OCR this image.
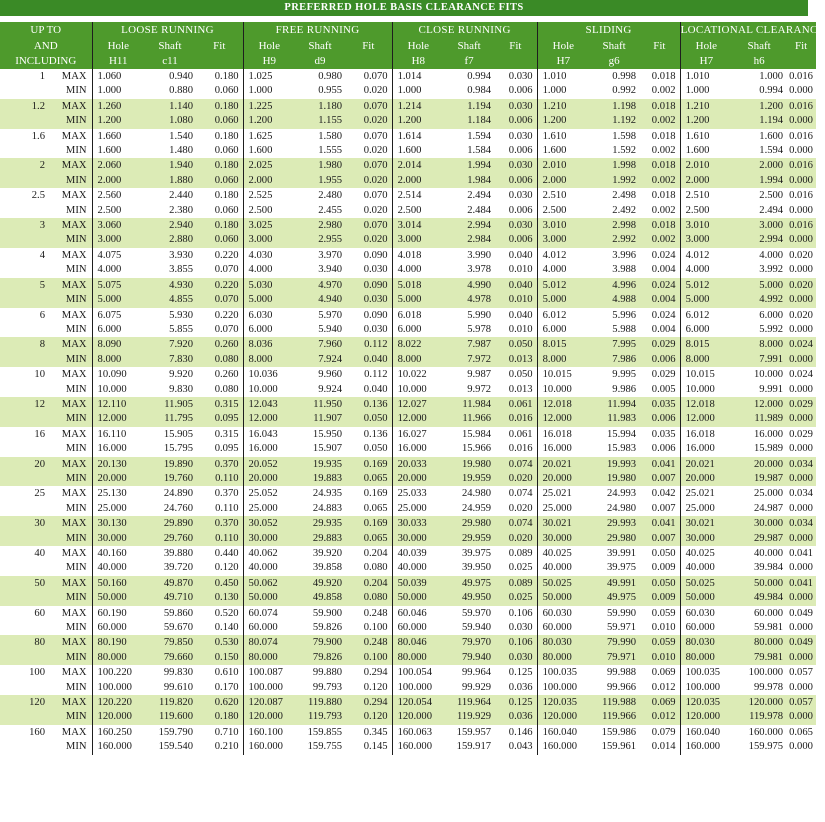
PREFERRED HOLE BASIS CLEARANCE FITS
UP TO		LOOSE RUNNING			FREE RUNNING			CLOSE RUNNING			SLIDING			LOCATIONAL CLEARANCE		
AND		Hole	Shaft	Fit	Hole	Shaft	Fit	Hole	Shaft	Fit	Hole	Shaft	Fit	Hole	Shaft	Fit
INCLUDING		H11	c11		H9	d9		H8	f7		H7	g6		H7	h6	
1	MAX	1.060	0.940	0.180	1.025	0.980	0.070	1.014	0.994	0.030	1.010	0.998	0.018	1.010	1.000	0.016
	MIN	1.000	0.880	0.060	1.000	0.955	0.020	1.000	0.984	0.006	1.000	0.992	0.002	1.000	0.994	0.000
1.2	MAX	1.260	1.140	0.180	1.225	1.180	0.070	1.214	1.194	0.030	1.210	1.198	0.018	1.210	1.200	0.016
	MIN	1.200	1.080	0.060	1.200	1.155	0.020	1.200	1.184	0.006	1.200	1.192	0.002	1.200	1.194	0.000
1.6	MAX	1.660	1.540	0.180	1.625	1.580	0.070	1.614	1.594	0.030	1.610	1.598	0.018	1.610	1.600	0.016
	MIN	1.600	1.480	0.060	1.600	1.555	0.020	1.600	1.584	0.006	1.600	1.592	0.002	1.600	1.594	0.000
2	MAX	2.060	1.940	0.180	2.025	1.980	0.070	2.014	1.994	0.030	2.010	1.998	0.018	2.010	2.000	0.016
	MIN	2.000	1.880	0.060	2.000	1.955	0.020	2.000	1.984	0.006	2.000	1.992	0.002	2.000	1.994	0.000
2.5	MAX	2.560	2.440	0.180	2.525	2.480	0.070	2.514	2.494	0.030	2.510	2.498	0.018	2.510	2.500	0.016
	MIN	2.500	2.380	0.060	2.500	2.455	0.020	2.500	2.484	0.006	2.500	2.492	0.002	2.500	2.494	0.000
3	MAX	3.060	2.940	0.180	3.025	2.980	0.070	3.014	2.994	0.030	3.010	2.998	0.018	3.010	3.000	0.016
	MIN	3.000	2.880	0.060	3.000	2.955	0.020	3.000	2.984	0.006	3.000	2.992	0.002	3.000	2.994	0.000
4	MAX	4.075	3.930	0.220	4.030	3.970	0.090	4.018	3.990	0.040	4.012	3.996	0.024	4.012	4.000	0.020
	MIN	4.000	3.855	0.070	4.000	3.940	0.030	4.000	3.978	0.010	4.000	3.988	0.004	4.000	3.992	0.000
5	MAX	5.075	4.930	0.220	5.030	4.970	0.090	5.018	4.990	0.040	5.012	4.996	0.024	5.012	5.000	0.020
	MIN	5.000	4.855	0.070	5.000	4.940	0.030	5.000	4.978	0.010	5.000	4.988	0.004	5.000	4.992	0.000
6	MAX	6.075	5.930	0.220	6.030	5.970	0.090	6.018	5.990	0.040	6.012	5.996	0.024	6.012	6.000	0.020
	MIN	6.000	5.855	0.070	6.000	5.940	0.030	6.000	5.978	0.010	6.000	5.988	0.004	6.000	5.992	0.000
8	MAX	8.090	7.920	0.260	8.036	7.960	0.112	8.022	7.987	0.050	8.015	7.995	0.029	8.015	8.000	0.024
	MIN	8.000	7.830	0.080	8.000	7.924	0.040	8.000	7.972	0.013	8.000	7.986	0.006	8.000	7.991	0.000
10	MAX	10.090	9.920	0.260	10.036	9.960	0.112	10.022	9.987	0.050	10.015	9.995	0.029	10.015	10.000	0.024
	MIN	10.000	9.830	0.080	10.000	9.924	0.040	10.000	9.972	0.013	10.000	9.986	0.005	10.000	9.991	0.000
12	MAX	12.110	11.905	0.315	12.043	11.950	0.136	12.027	11.984	0.061	12.018	11.994	0.035	12.018	12.000	0.029
	MIN	12.000	11.795	0.095	12.000	11.907	0.050	12.000	11.966	0.016	12.000	11.983	0.006	12.000	11.989	0.000
16	MAX	16.110	15.905	0.315	16.043	15.950	0.136	16.027	15.984	0.061	16.018	15.994	0.035	16.018	16.000	0.029
	MIN	16.000	15.795	0.095	16.000	15.907	0.050	16.000	15.966	0.016	16.000	15.983	0.006	16.000	15.989	0.000
20	MAX	20.130	19.890	0.370	20.052	19.935	0.169	20.033	19.980	0.074	20.021	19.993	0.041	20.021	20.000	0.034
	MIN	20.000	19.760	0.110	20.000	19.883	0.065	20.000	19.959	0.020	20.000	19.980	0.007	20.000	19.987	0.000
25	MAX	25.130	24.890	0.370	25.052	24.935	0.169	25.033	24.980	0.074	25.021	24.993	0.042	25.021	25.000	0.034
	MIN	25.000	24.760	0.110	25.000	24.883	0.065	25.000	24.959	0.020	25.000	24.980	0.007	25.000	24.987	0.000
30	MAX	30.130	29.890	0.370	30.052	29.935	0.169	30.033	29.980	0.074	30.021	29.993	0.041	30.021	30.000	0.034
	MIN	30.000	29.760	0.110	30.000	29.883	0.065	30.000	29.959	0.020	30.000	29.980	0.007	30.000	29.987	0.000
40	MAX	40.160	39.880	0.440	40.062	39.920	0.204	40.039	39.975	0.089	40.025	39.991	0.050	40.025	40.000	0.041
	MIN	40.000	39.720	0.120	40.000	39.858	0.080	40.000	39.950	0.025	40.000	39.975	0.009	40.000	39.984	0.000
50	MAX	50.160	49.870	0.450	50.062	49.920	0.204	50.039	49.975	0.089	50.025	49.991	0.050	50.025	50.000	0.041
	MIN	50.000	49.710	0.130	50.000	49.858	0.080	50.000	49.950	0.025	50.000	49.975	0.009	50.000	49.984	0.000
60	MAX	60.190	59.860	0.520	60.074	59.900	0.248	60.046	59.970	0.106	60.030	59.990	0.059	60.030	60.000	0.049
	MIN	60.000	59.670	0.140	60.000	59.826	0.100	60.000	59.940	0.030	60.000	59.971	0.010	60.000	59.981	0.000
80	MAX	80.190	79.850	0.530	80.074	79.900	0.248	80.046	79.970	0.106	80.030	79.990	0.059	80.030	80.000	0.049
	MIN	80.000	79.660	0.150	80.000	79.826	0.100	80.000	79.940	0.030	80.000	79.971	0.010	80.000	79.981	0.000
100	MAX	100.220	99.830	0.610	100.087	99.880	0.294	100.054	99.964	0.125	100.035	99.988	0.069	100.035	100.000	0.057
	MIN	100.000	99.610	0.170	100.000	99.793	0.120	100.000	99.929	0.036	100.000	99.966	0.012	100.000	99.978	0.000
120	MAX	120.220	119.820	0.620	120.087	119.880	0.294	120.054	119.964	0.125	120.035	119.988	0.069	120.035	120.000	0.057
	MIN	120.000	119.600	0.180	120.000	119.793	0.120	120.000	119.929	0.036	120.000	119.966	0.012	120.000	119.978	0.000
160	MAX	160.250	159.790	0.710	160.100	159.855	0.345	160.063	159.957	0.146	160.040	159.986	0.079	160.040	160.000	0.065
	MIN	160.000	159.540	0.210	160.000	159.755	0.145	160.000	159.917	0.043	160.000	159.961	0.014	160.000	159.975	0.000
